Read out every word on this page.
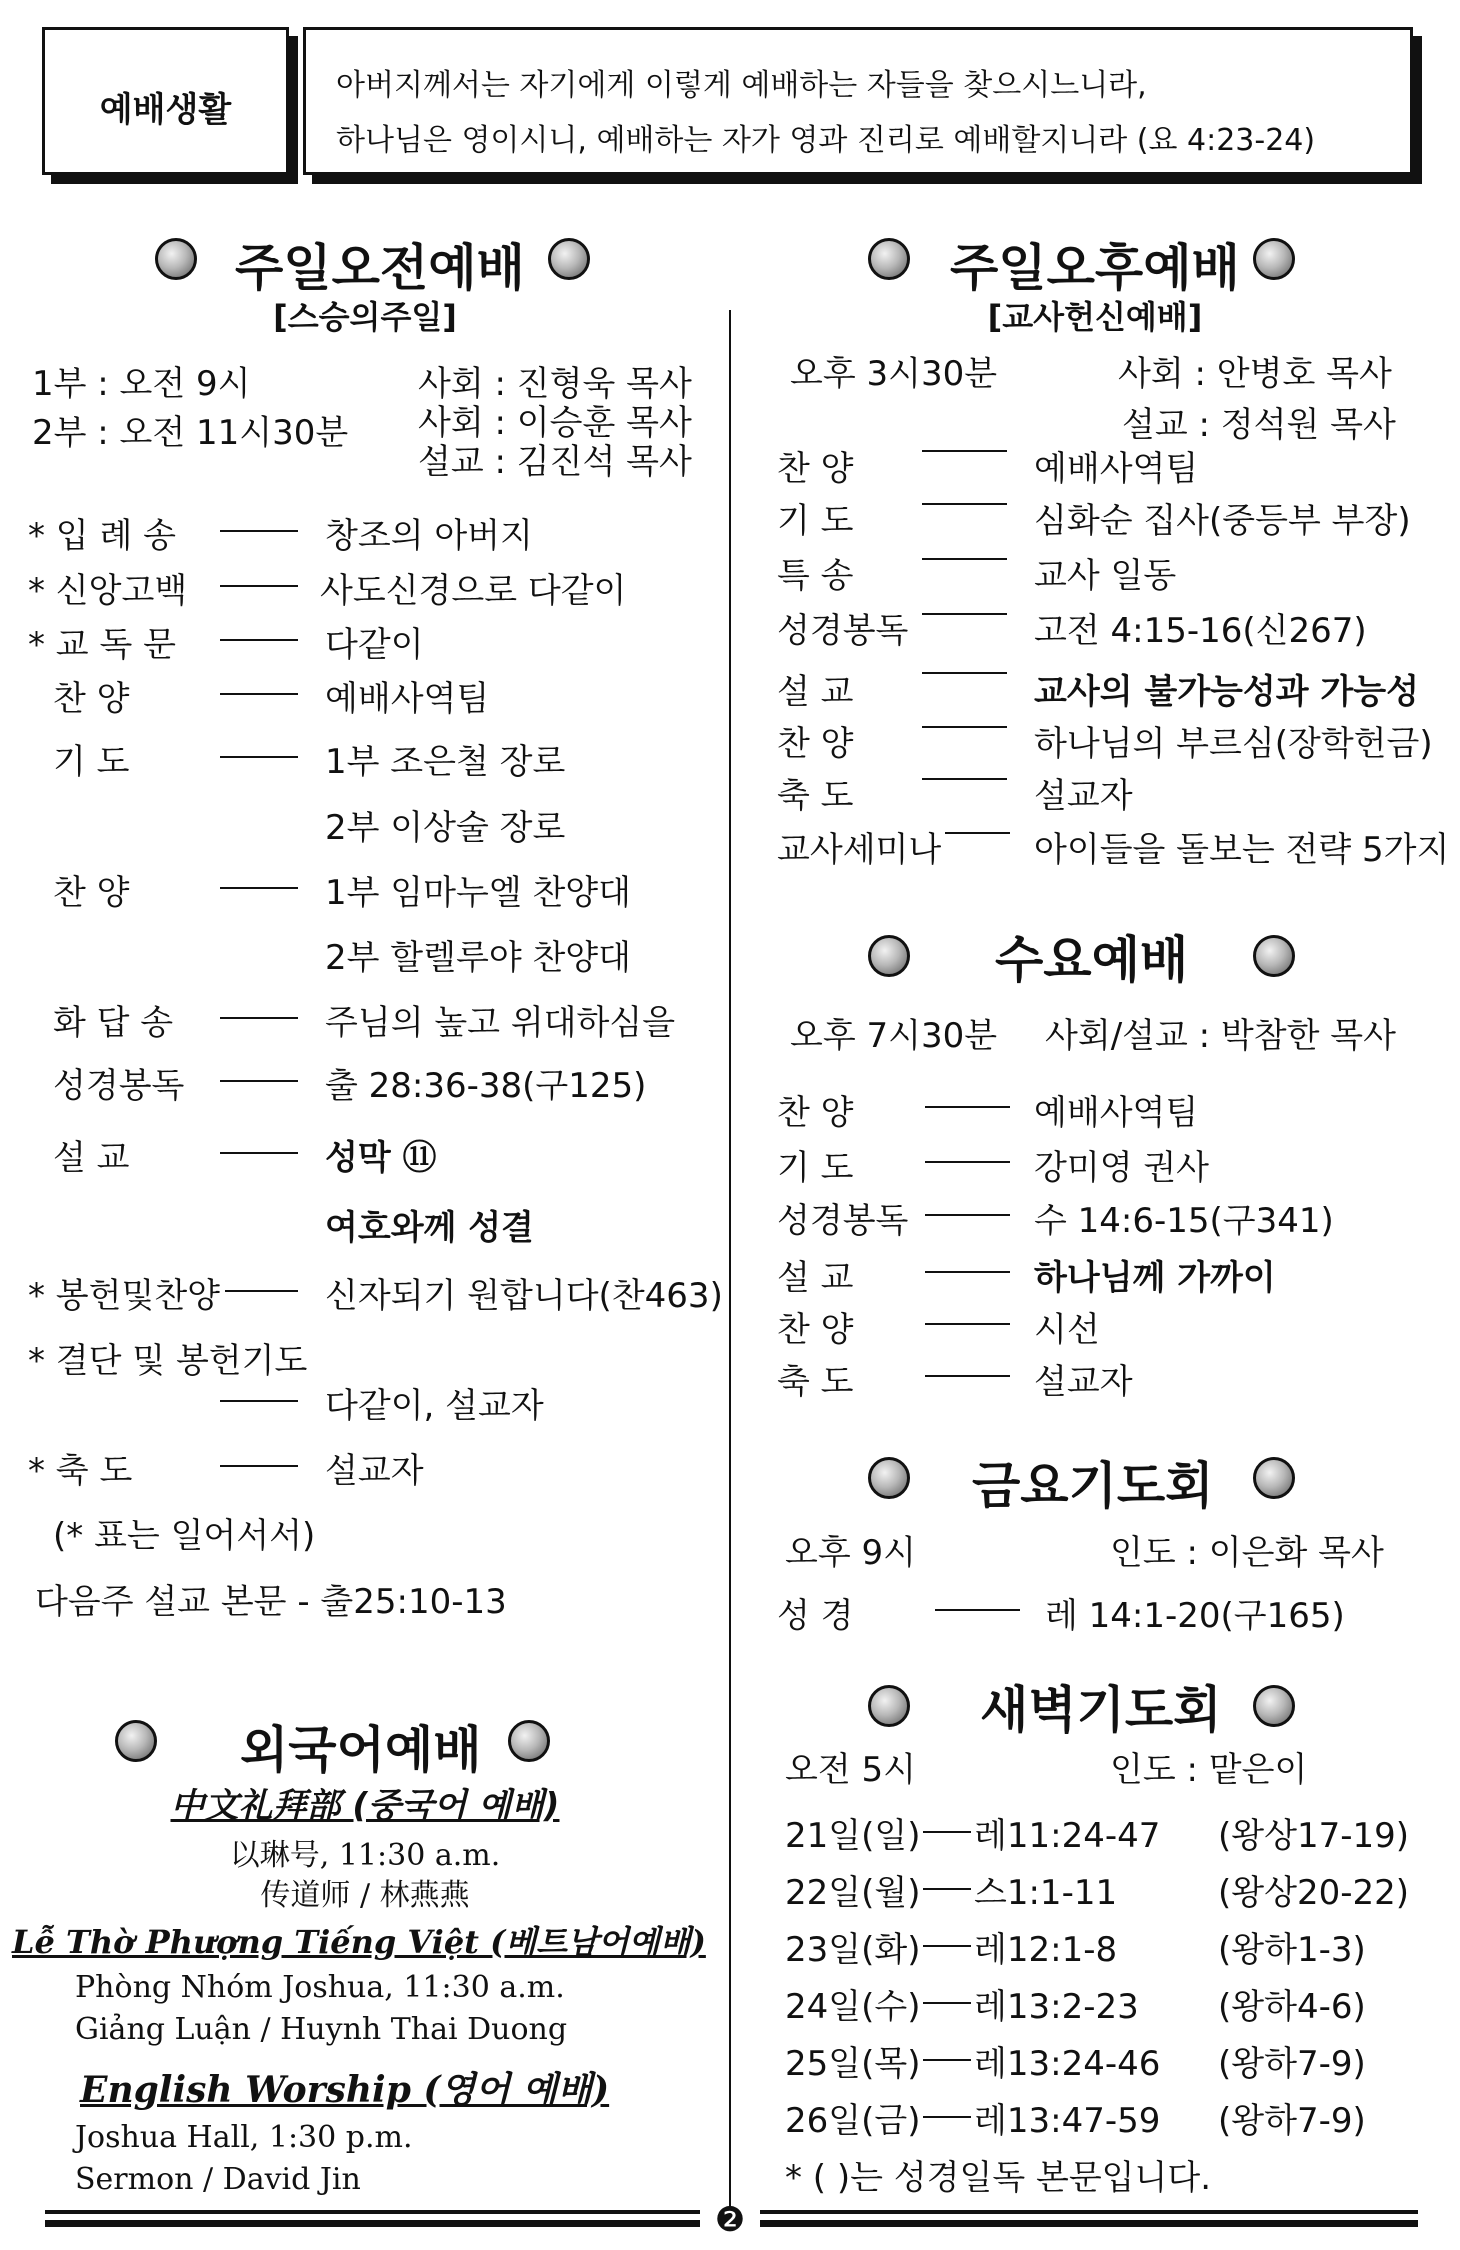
예배생활
아버지께서는 자기에게 이렇게 예배하는 자들을 찾으시느니라,
하나님은 영이시니, 예배하는 자가 영과 진리로 예배할지니라 (요 4:23-24)
주일오전예배
[스승의주일]
1부 : 오전 9시	사회 : 진형욱 목사
2부 : 오전 11시30분 사회 : 이승훈 목사
설교 : 김진석 목사
* 입 례 송	창조의 아버지
* 신앙고백	사도신경으로 다같이
* 교 독 문	다같이
찬 양	예배사역팀
기 도	1부 조은철 장로
2부 이상술 장로
찬 양	1부 임마누엘 찬양대
2부 할렐루야 찬양대
화 답 송	주님의 높고 위대하심을
성경봉독	출 28:36-38(구125)
설 교	성막 ⑪
여호와께 성결
* 봉헌및찬양	신자되기 원합니다(찬463)
* 결단 및 봉헌기도
다같이, 설교자
* 축 도	설교자
(* 표는 일어서서)
다음주 설교 본문 - 출25:10-13
외국어예배
中文礼拜部 (중국어 예배)
以琳号, 11:30 a.m.
传道师 / 林燕燕
Lễ Thờ Phượng Tiếng Việt (베트남어예배)
Phòng Nhóm Joshua, 11:30 a.m.
Giảng Luận / Huynh Thai Duong
English Worship (영어 예배)
Joshua Hall, 1:30 p.m.
Sermon / David Jin
주일오후예배
[교사헌신예배]
오후 3시30분	사회 : 안병호 목사
설교 : 정석원 목사
찬 양	예배사역팀
기 도	심화순 집사(중등부 부장)
특 송	교사 일동
성경봉독	고전 4:15-16(신267)
설 교	교사의 불가능성과 가능성
찬 양	하나님의 부르심(장학헌금)
축 도	설교자
교사세미나	아이들을 돌보는 전략 5가지
수요예배
오후 7시30분 사회/설교 : 박참한 목사
찬 양	예배사역팀
기 도	강미영 권사
성경봉독	수 14:6-15(구341)
설 교	하나님께 가까이
찬 양	시선
축 도	설교자
금요기도회
오후 9시	인도 : 이은화 목사
성 경	레 14:1-20(구165)
새벽기도회
오전 5시	인도 : 맡은이
21일(일) 레11:24-47 (왕상17-19)
22일(월) 스1:1-11	(왕상20-22)
23일(화) 레12:1-8	(왕하1-3)
24일(수) 레13:2-23 (왕하4-6)
25일(목) 레13:24-46 (왕하7-9)
26일(금) 레13:47-59 (왕하7-9)
* ( )는 성경일독 본문입니다.
❷
